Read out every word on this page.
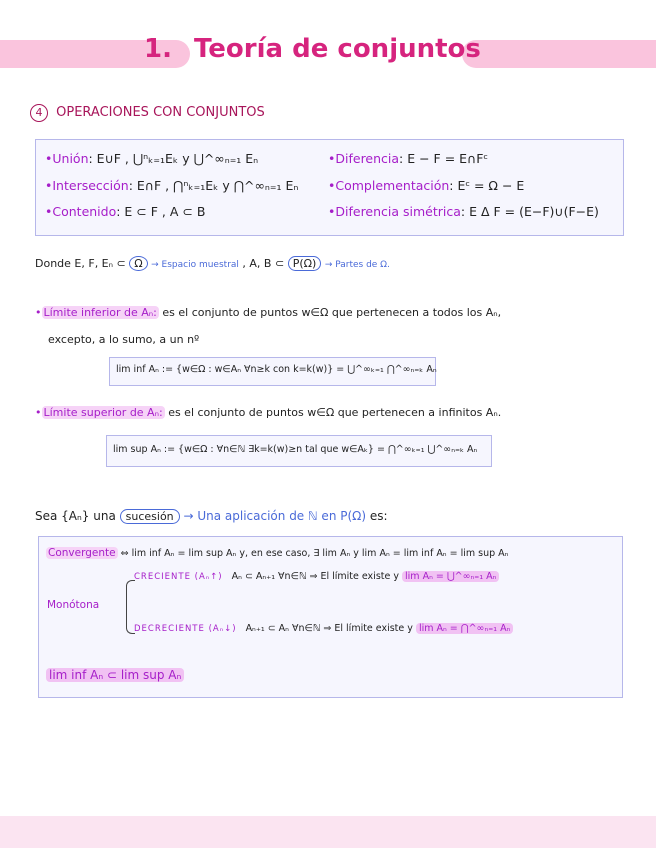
1. Teoría de conjuntos
4 OPERACIONES CON CONJUNTOS
•Unión: E∪F , ⋃ⁿₖ₌₁Eₖ y ⋃^∞ₙ₌₁ Eₙ
•Intersección: E∩F , ⋂ⁿₖ₌₁Eₖ y ⋂^∞ₙ₌₁ Eₙ
•Contenido: E ⊂ F , A ⊂ B
•Diferencia: E − F = E∩Fᶜ
•Complementación: Eᶜ = Ω − E
•Diferencia simétrica: E Δ F = (E−F)∪(F−E)
Donde E, F, Eₙ ⊂ Ω → Espacio muestral , A, B ⊂ P(Ω) → Partes de Ω.
• Límite inferior de Aₙ: es el conjunto de puntos w∈Ω que pertenecen a todos los Aₙ,
excepto, a lo sumo, a un nº
lim inf Aₙ := {w∈Ω : w∈Aₙ ∀n≥k con k=k(w)} = ⋃^∞ₖ₌₁ ⋂^∞ₙ₌ₖ Aₙ
• Límite superior de Aₙ: es el conjunto de puntos w∈Ω que pertenecen a infinitos Aₙ.
lim sup Aₙ := {w∈Ω : ∀n∈ℕ ∃k=k(w)≥n tal que w∈Aₖ} = ⋂^∞ₖ₌₁ ⋃^∞ₙ₌ₖ Aₙ
Sea {Aₙ} una sucesión → Una aplicación de ℕ en P(Ω) es:
Convergente ⇔ lim inf Aₙ = lim sup Aₙ y, en ese caso, ∃ lim Aₙ y lim Aₙ = lim inf Aₙ = lim sup Aₙ
Monótona
CRECIENTE (Aₙ↑) Aₙ ⊂ Aₙ₊₁ ∀n∈ℕ ⇒ El límite existe y lim Aₙ = ⋃^∞ₙ₌₁ Aₙ
DECRECIENTE (Aₙ↓) Aₙ₊₁ ⊂ Aₙ ∀n∈ℕ ⇒ El límite existe y lim Aₙ = ⋂^∞ₙ₌₁ Aₙ
lim inf Aₙ ⊂ lim sup Aₙ
